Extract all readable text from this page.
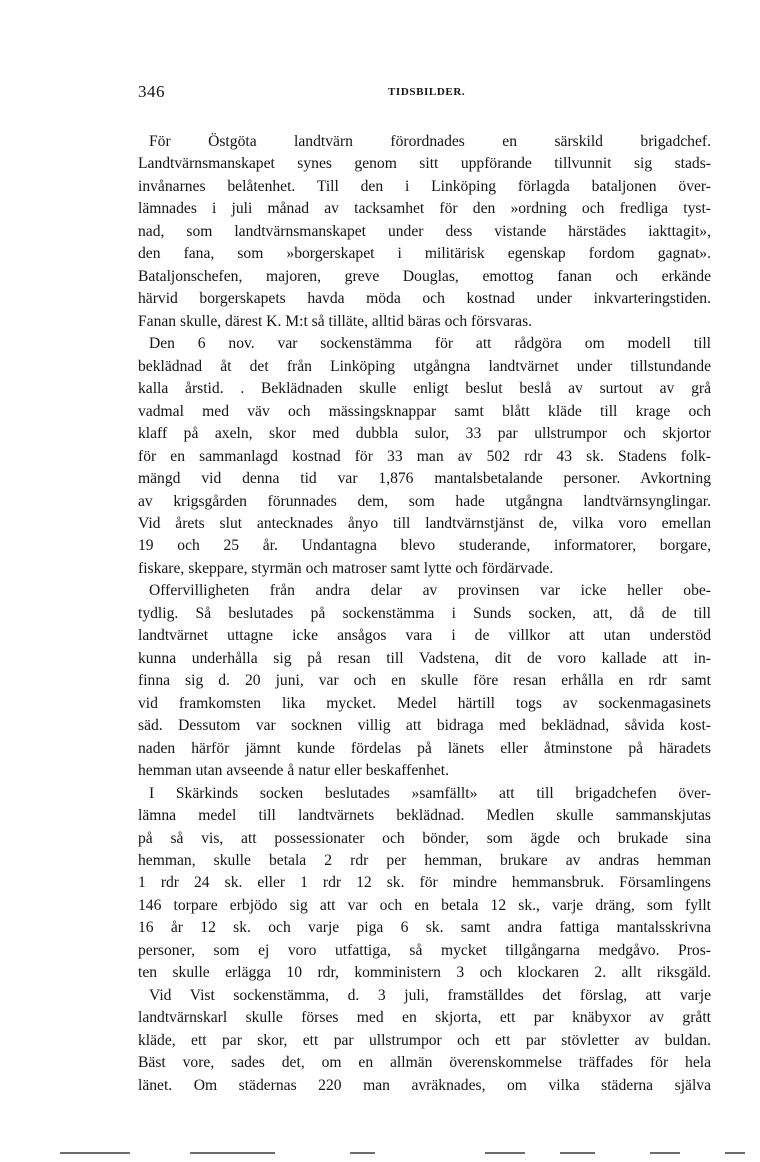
346	TIDSBILDER.
För Östgöta landtvärn förordnades en särskild brigadchef.
Landtvärnsmanskapet synes genom sitt uppförande tillvunnit sig stads-
invånarnes belåtenhet. Till den i Linköping förlagda bataljonen över-
lämnades i juli månad av tacksamhet för den »ordning och fredliga tyst-
nad, som landtvärnsmanskapet under dess vistande härstädes iakttagit»,
den fana, som »borgerskapet i militärisk egenskap fordom gagnat».
Bataljonschefen, majoren, greve Douglas, emottog fanan och erkände
härvid borgerskapets havda möda och kostnad under inkvarteringstiden.
Fanan skulle, därest K. M:t så tilläte, alltid bäras och försvaras.
Den 6 nov. var sockenstämma för att rådgöra om modell till
beklädnad åt det från Linköping utgångna landtvärnet under tillstundande
kalla årstid. . Beklädnaden skulle enligt beslut beslå av surtout av grå
vadmal med väv och mässingsknappar samt blått kläde till krage och
klaff på axeln, skor med dubbla sulor, 33 par ullstrumpor och skjortor
för en sammanlagd kostnad för 33 man av 502 rdr 43 sk. Stadens folk-
mängd vid denna tid var 1,876 mantalsbetalande personer. Avkortning
av krigsgården förunnades dem, som hade utgångna landtvärnsynglingar.
Vid årets slut antecknades ånyo till landtvärnstjänst de, vilka voro emellan
19 och 25 år. Undantagna blevo studerande, informatorer, borgare,
fiskare, skeppare, styrmän och matroser samt lytte och fördärvade.
Offervilligheten från andra delar av provinsen var icke heller obe-
tydlig. Så beslutades på sockenstämma i Sunds socken, att, då de till
landtvärnet uttagne icke ansågos vara i de villkor att utan understöd
kunna underhålla sig på resan till Vadstena, dit de voro kallade att in-
finna sig d. 20 juni, var och en skulle före resan erhålla en rdr samt
vid framkomsten lika mycket. Medel härtill togs av sockenmagasinets
säd. Dessutom var socknen villig att bidraga med beklädnad, såvida kost-
naden härför jämnt kunde fördelas på länets eller åtminstone på häradets
hemman utan avseende å natur eller beskaffenhet.
I Skärkinds socken beslutades »samfällt» att till brigadchefen över-
lämna medel till landtvärnets beklädnad. Medlen skulle sammanskjutas
på så vis, att possessionater och bönder, som ägde och brukade sina
hemman, skulle betala 2 rdr per hemman, brukare av andras hemman
1 rdr 24 sk. eller 1 rdr 12 sk. för mindre hemmansbruk. Församlingens
146 torpare erbjödo sig att var och en betala 12 sk., varje dräng, som fyllt
16 år 12 sk. och varje piga 6 sk. samt andra fattiga mantalsskrivna
personer, som ej voro utfattiga, så mycket tillgångarna medgåvo. Pros-
ten skulle erlägga 10 rdr, komministern 3 och klockaren 2. allt riksgäld.
Vid Vist sockenstämma, d. 3 juli, framställdes det förslag, att varje
landtvärnskarl skulle förses med en skjorta, ett par knäbyxor av grått
kläde, ett par skor, ett par ullstrumpor och ett par stövletter av buldan.
Bäst vore, sades det, om en allmän överenskommelse träffades för hela
länet. Om städernas 220 man avräknades, om vilka städerna själva
